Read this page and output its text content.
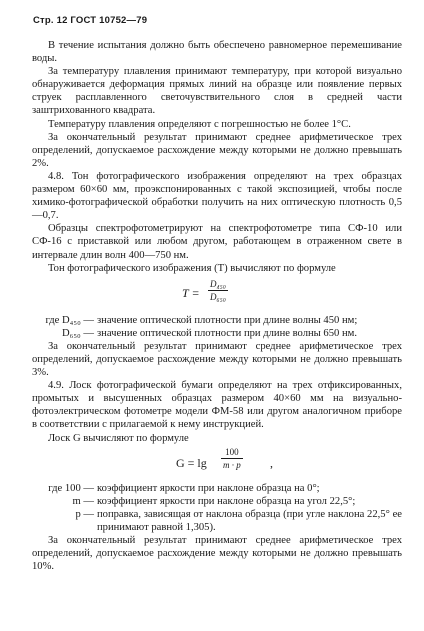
Стр. 12 ГОСТ 10752—79

В течение испытания должно быть обеспечено равномерное перемешивание воды.

За температуру плавления принимают температуру, при которой визуально обнаруживается деформация прямых линий на образце или появление первых струек расплавленного светочувствительного слоя в средней части заштрихованного квадрата.

Температуру плавления определяют с погрешностью не более 1°С.

За окончательный результат принимают среднее арифметическое трех определений, допускаемое расхождение между которыми не должно превышать 2%.

4.8. Тон фотографического изображения определяют на трех образцах размером 60×60 мм, проэкспонированных с такой экспозицией, чтобы после химико-фотографической обработки получить на них оптическую плотность 0,5—0,7.

Образцы спектрофотометрируют на спектрофотометре типа СФ-10 или СФ-16 с приставкой или любом другом, работающем в отраженном свете в интервале длин волн 400—750 нм.

Тон фотографического изображения (T) вычисляют по формуле

$T = \frac{\text{D₄₅₀}}{\text{D₆₅₀}}$
где D₄₅₀ — значение оптической плотности при длине волны 450 нм;
D₆₅₀ — значение оптической плотности при длине волны 650 нм.

За окончательный результат принимают среднее арифметическое трех определений, допускаемое расхождение между которыми не должно превышать 3%.

4.9. Лоск фотографической бумаги определяют на трех отфиксированных, промытых и высушенных образцах размером 40×60 мм на визуально-фотоэлектрическом фотометре модели ФМ-58 или другом аналогичном приборе в соответствии с прилагаемой к нему инструкцией.

Лоск G вычисляют по формуле

$G = \lg \frac{100}{m \cdot p}$ ,
где 100 — коэффициент яркости при наклоне образца на 0°;
m — коэффициент яркости при наклоне образца на угол 22,5°;
p — поправка, зависящая от наклона образца (при угле наклона 22,5° ее принимают равной 1,305).

За окончательный результат принимают среднее арифметическое трех определений, допускаемое расхождение между которыми не должно превышать 10%.
